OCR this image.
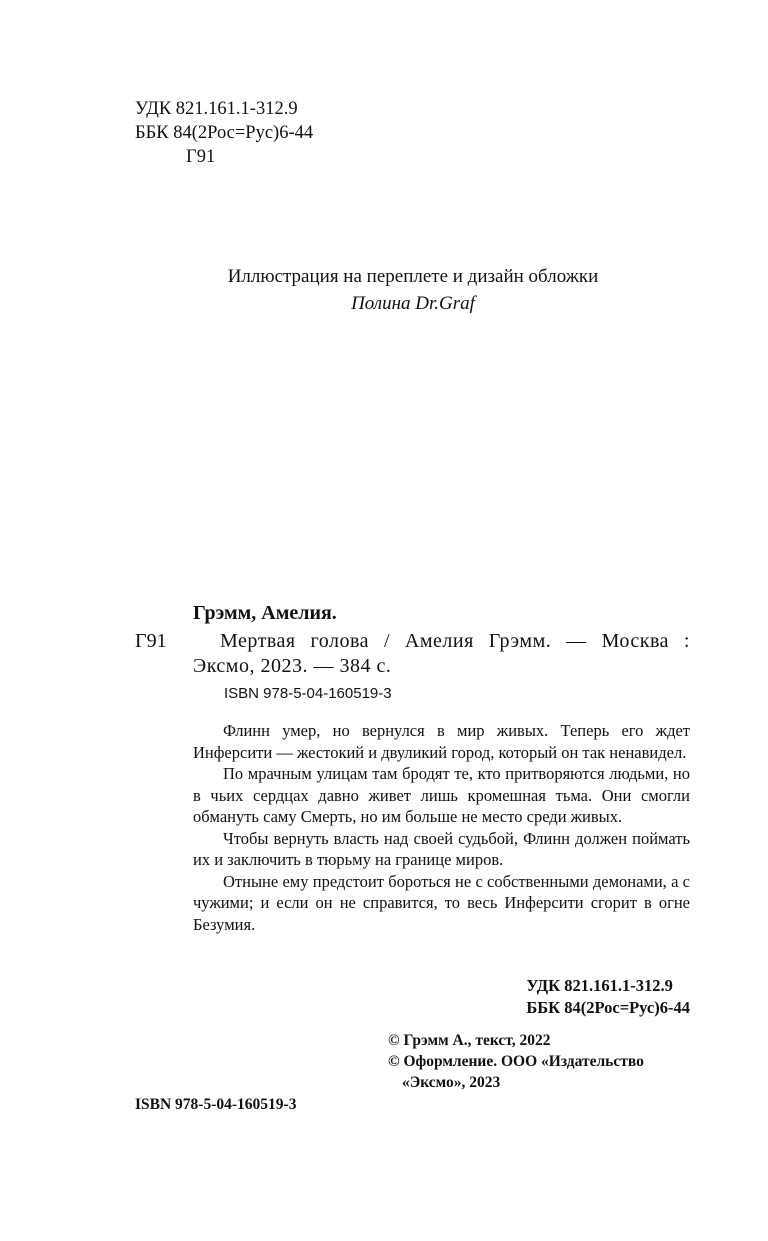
УДК 821.161.1-312.9
ББК 84(2Рос=Рус)6-44
Г91
Иллюстрация на переплете и дизайн обложки
Полина Dr.Graf
Грэмм, Амелия.
Г91	Мертвая голова / Амелия Грэмм. — Москва :
Эксмо, 2023. — 384 с.
ISBN 978-5-04-160519-3

Флинн умер, но вернулся в мир живых. Теперь его ждет Инферсити — жестокий и двуликий город, который он так ненавидел.

По мрачным улицам там бродят те, кто притворяются людьми, но в чьих сердцах давно живет лишь кромешная тьма. Они смогли обмануть саму Смерть, но им больше не место среди живых.

Чтобы вернуть власть над своей судьбой, Флинн должен поймать их и заключить в тюрьму на границе миров.

Отныне ему предстоит бороться не с собственными демонами, а с чужими; и если он не справится, то весь Инферсити сгорит в огне Безумия.

УДК 821.161.1-312.9
ББК 84(2Рос=Рус)6-44
© Грэмм А., текст, 2022
© Оформление. ООО «Издательство
«Эксмо», 2023
ISBN 978-5-04-160519-3
